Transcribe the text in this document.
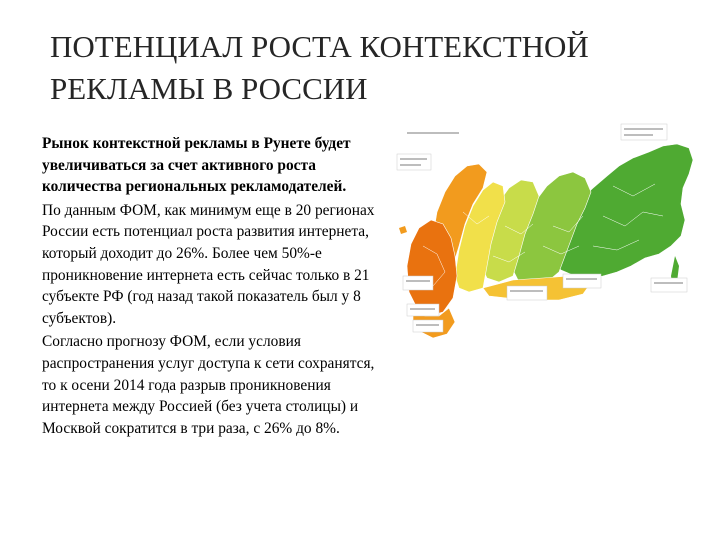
ПОТЕНЦИАЛ РОСТА КОНТЕКСТНОЙ
РЕКЛАМЫ В РОССИИ

Рынок контекстной рекламы в Рунете будет увеличиваться за счет активного роста количества региональных рекламодателей.

По данным ФОМ, как минимум еще в 20 регионах России есть потенциал роста развития интернета, который доходит до 26%. Более чем 50%-е проникновение интернета есть сейчас только в 21 субъекте РФ (год назад такой показатель был у 8 субъектов).

Согласно прогнозу ФОМ, если условия распространения услуг доступа к сети сохранятся, то к осени 2014 года разрыв проникновения интернета между Россией (без учета столицы) и Москвой сократится в три раза, с 26% до 8%.
